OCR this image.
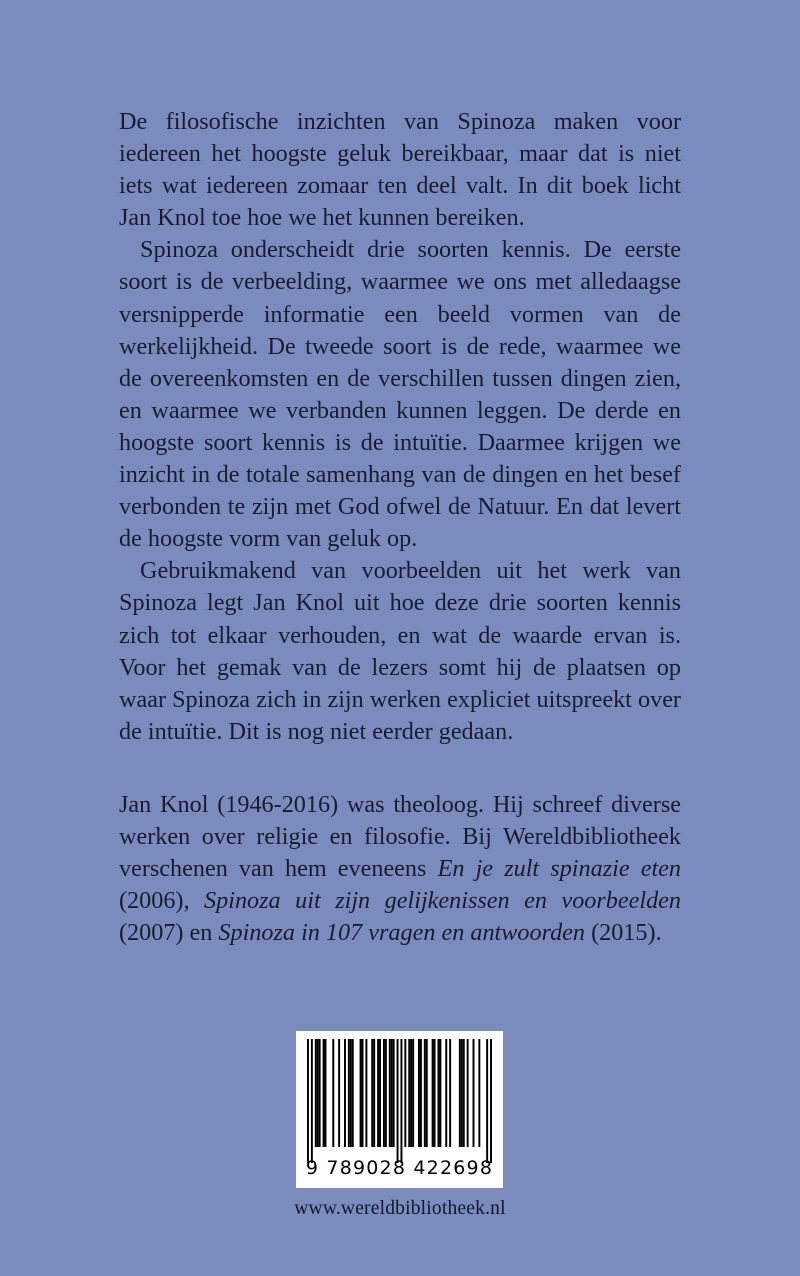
De filosofische inzichten van Spinoza maken voor iedereen het hoogste geluk bereikbaar, maar dat is niet iets wat iedereen zomaar ten deel valt. In dit boek licht Jan Knol toe hoe we het kunnen bereiken.

Spinoza onderscheidt drie soorten kennis. De eerste soort is de verbeelding, waarmee we ons met alledaagse versnipperde informatie een beeld vormen van de werkelijkheid. De tweede soort is de rede, waarmee we de overeenkomsten en de verschillen tussen dingen zien, en waarmee we verbanden kunnen leggen. De derde en hoogste soort kennis is de intuïtie. Daarmee krijgen we inzicht in de totale samenhang van de dingen en het besef verbonden te zijn met God ofwel de Natuur. En dat levert de hoogste vorm van geluk op.

Gebruikmakend van voorbeelden uit het werk van Spinoza legt Jan Knol uit hoe deze drie soorten kennis zich tot elkaar verhouden, en wat de waarde ervan is. Voor het gemak van de lezers somt hij de plaatsen op waar Spinoza zich in zijn werken expliciet uitspreekt over de intuïtie. Dit is nog niet eerder gedaan.

Jan Knol (1946-2016) was theoloog. Hij schreef diverse werken over religie en filosofie. Bij Wereldbibliotheek verschenen van hem eveneens En je zult spinazie eten (2006), Spinoza uit zijn gelijkenissen en voorbeelden (2007) en Spinoza in 107 vragen en antwoorden (2015).

9 789028 422698
www.wereldbibliotheek.nl
